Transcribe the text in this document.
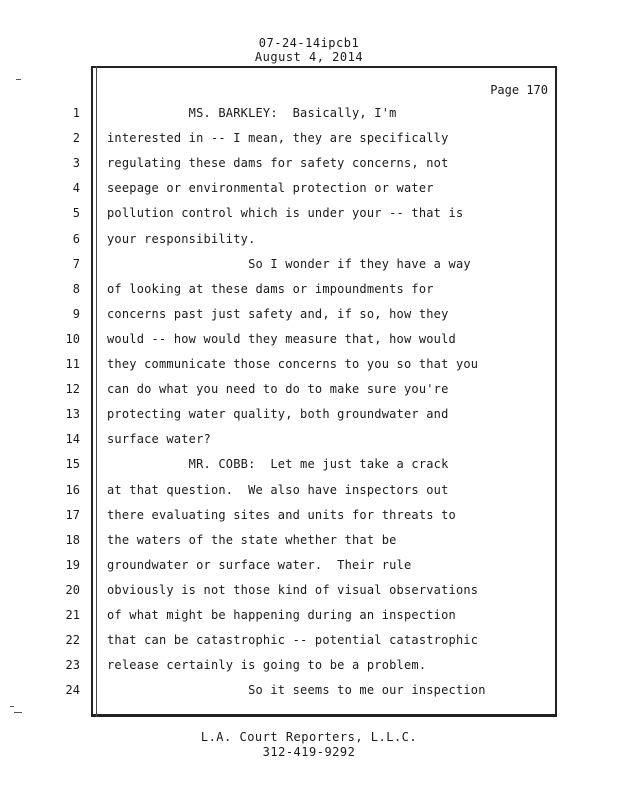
07-24-14ipcb1
August 4, 2014
Page 170
1 MS. BARKLEY:  Basically, I'm
2 interested in -- I mean, they are specifically
3 regulating these dams for safety concerns, not
4 seepage or environmental protection or water
5 pollution control which is under your -- that is
6 your responsibility.
7 So I wonder if they have a way
8 of looking at these dams or impoundments for
9 concerns past just safety and, if so, how they
10 would -- how would they measure that, how would
11 they communicate those concerns to you so that you
12 can do what you need to do to make sure you're
13 protecting water quality, both groundwater and
14 surface water?
15 MR. COBB:  Let me just take a crack
16 at that question.  We also have inspectors out
17 there evaluating sites and units for threats to
18 the waters of the state whether that be
19 groundwater or surface water.  Their rule
20 obviously is not those kind of visual observations
21 of what might be happening during an inspection
22 that can be catastrophic -- potential catastrophic
23 release certainly is going to be a problem.
24 So it seems to me our inspection
L.A. Court Reporters, L.L.C.
312-419-9292
